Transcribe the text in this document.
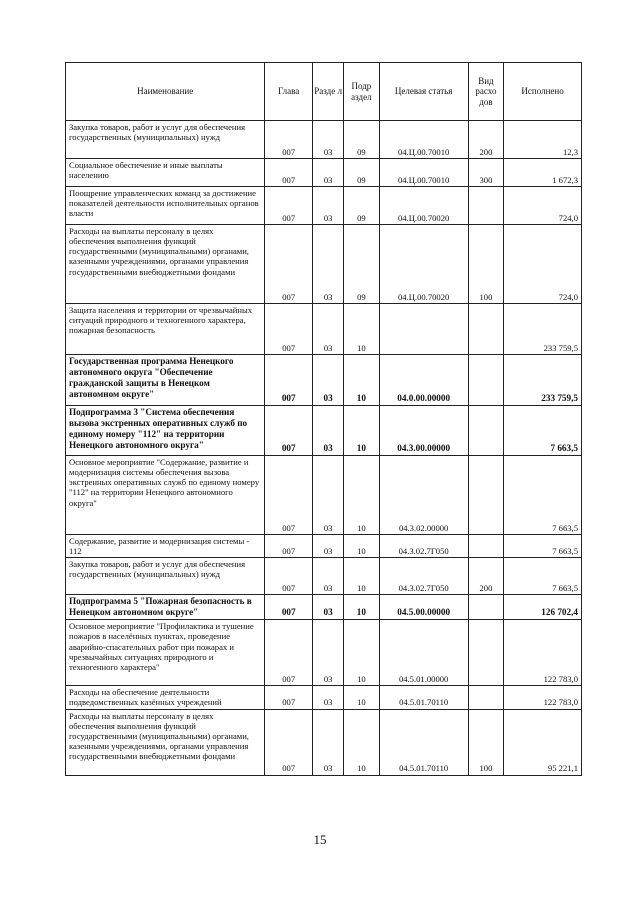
Наименование	Глава	Разде л	Подр аздел	Целевая статья	Вид расхо дов	Исполнено
Закупка товаров, работ и услуг для обеспечения государственных (муниципальных) нужд	007	03	09	04.Ц.00.70010	200	12,3
Социальное обеспечение и иные выплаты населению	007	03	09	04.Ц.00.70010	300	1 672,3
Поощрение управленческих команд за достижение показателей деятельности исполнительных органов власти	007	03	09	04.Ц.00.70020		724,0
Расходы на выплаты персоналу в целях обеспечения выполнения функций государственными (муниципальными) органами, казенными учреждениями, органами управления государственными внебюджетными фондами	007	03	09	04.Ц.00.70020	100	724,0
Защита населения и территории от чрезвычайных ситуаций природного и техногенного характера, пожарная безопасность	007	03	10			233 759,5
Государственная программа Ненецкого автономного округа "Обеспечение гражданской защиты в Ненецком автономном округе"	007	03	10	04.0.00.00000		233 759,5
Подпрограмма 3 "Система обеспечения вызова экстренных оперативных служб по единому номеру "112" на территории Ненецкого автономного округа"	007	03	10	04.3.00.00000		7 663,5
Основное мероприятие "Содержание, развитие и модернизация системы обеспечения вызова экстренных оперативных служб по единому номеру "112" на территории Ненецкого автономного округа"	007	03	10	04.3.02.00000		7 663,5
Содержание, развитие и модернизация системы - 112	007	03	10	04.3.02.7Г050		7 663,5
Закупка товаров, работ и услуг для обеспечения государственных (муниципальных) нужд	007	03	10	04.3.02.7Г050	200	7 663,5
Подпрограмма 5 "Пожарная безопасность в Ненецком автономном округе"	007	03	10	04.5.00.00000		126 702,4
Основное мероприятие "Профилактика и тушение пожаров в населённых пунктах, проведение аварийно-спасательных работ при пожарах и чрезвычайных ситуациях природного и техногенного характера"	007	03	10	04.5.01.00000		122 783,0
Расходы на обеспечение деятельности подведомственных казённых учреждений	007	03	10	04.5.01.70110		122 783,0
Расходы на выплаты персоналу в целях обеспечения выполнения функций государственными (муниципальными) органами, казенными учреждениями, органами управления государственными внебюджетными фондами	007	03	10	04.5.01.70110	100	95 221,1
15
